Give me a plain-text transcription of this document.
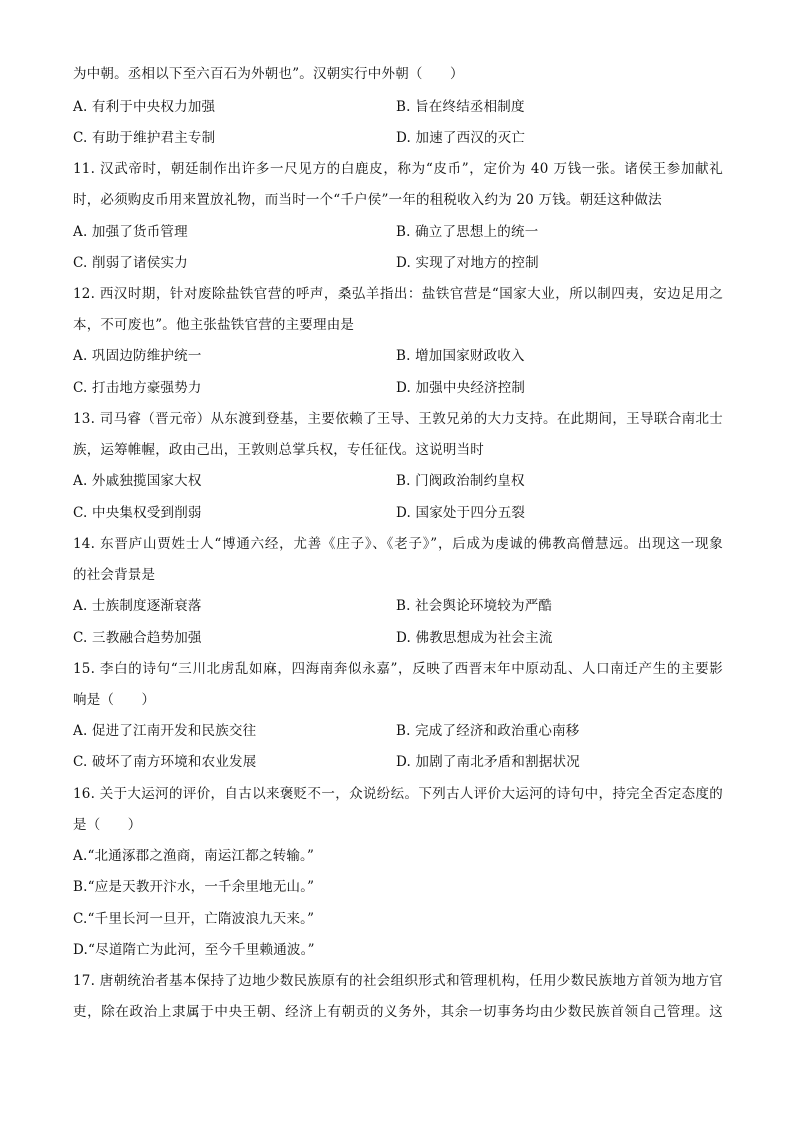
为中朝。丞相以下至六百石为外朝也”。汉朝实行中外朝（　　）
A. 有利于中央权力加强	B. 旨在终结丞相制度
C. 有助于维护君主专制	D. 加速了西汉的灭亡
11. 汉武帝时，朝廷制作出许多一尺见方的白鹿皮，称为“皮币”，定价为 40 万钱一张。诸侯王参加献礼
时，必须购皮币用来置放礼物，而当时一个“千户侯”一年的租税收入约为 20 万钱。朝廷这种做法
A. 加强了货币管理	B. 确立了思想上的统一
C. 削弱了诸侯实力	D. 实现了对地方的控制
12. 西汉时期，针对废除盐铁官营的呼声，桑弘羊指出：盐铁官营是“国家大业，所以制四夷，安边足用之
本，不可废也”。他主张盐铁官营的主要理由是
A. 巩固边防维护统一	B. 增加国家财政收入
C. 打击地方豪强势力	D. 加强中央经济控制
13. 司马睿（晋元帝）从东渡到登基，主要依赖了王导、王敦兄弟的大力支持。在此期间，王导联合南北士
族，运筹帷幄，政由己出，王敦则总掌兵权，专任征伐。这说明当时
A. 外戚独揽国家大权	B. 门阀政治制约皇权
C. 中央集权受到削弱	D. 国家处于四分五裂
14. 东晋庐山贾姓士人“博通六经，尤善《庄子》、《老子》”，后成为虔诚的佛教高僧慧远。出现这一现象
的社会背景是
A. 士族制度逐渐衰落	B. 社会舆论环境较为严酷
C. 三教融合趋势加强	D. 佛教思想成为社会主流
15. 李白的诗句“三川北虏乱如麻，四海南奔似永嘉”，反映了西晋末年中原动乱、人口南迁产生的主要影
响是（　　）
A. 促进了江南开发和民族交往	B. 完成了经济和政治重心南移
C. 破坏了南方环境和农业发展	D. 加剧了南北矛盾和割据状况
16. 关于大运河的评价，自古以来褒贬不一，众说纷纭。下列古人评价大运河的诗句中，持完全否定态度的
是（　　）
A.“北通涿郡之渔商，南运江都之转输。”
B.“应是天教开汴水，一千余里地无山。”
C.“千里长河一旦开，亡隋波浪九天来。”
D.“尽道隋亡为此河，至今千里赖通波。”
17. 唐朝统治者基本保持了边地少数民族原有的社会组织形式和管理机构，任用少数民族地方首领为地方官
吏，除在政治上隶属于中央王朝、经济上有朝贡的义务外，其余一切事务均由少数民族首领自己管理。这
